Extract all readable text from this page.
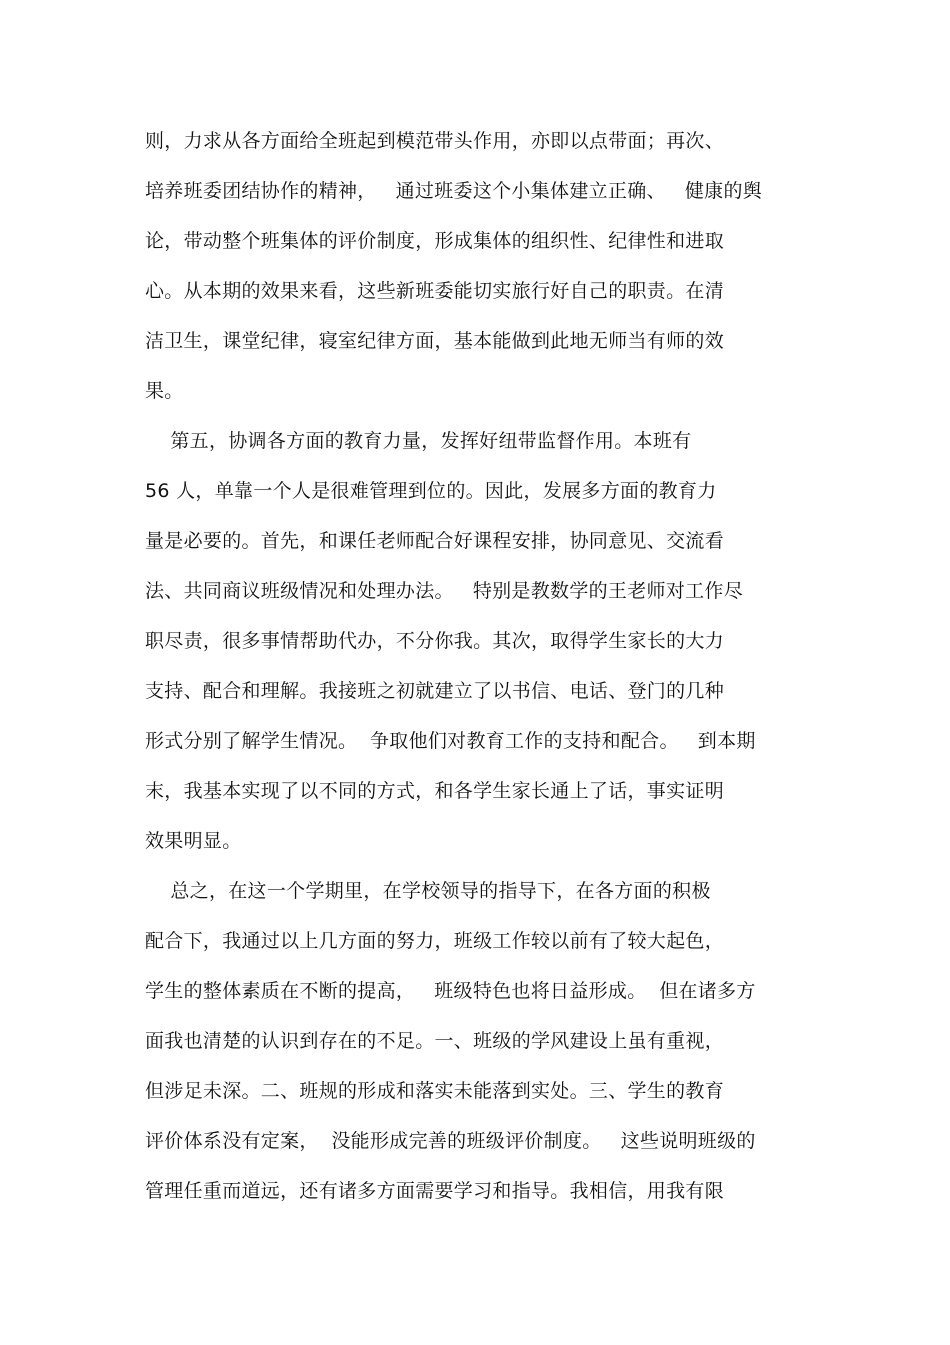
则，力求从各方面给全班起到模范带头作用，亦即以点带面；再次、
培养班委团结协作的精神，   通过班委这个小集体建立正确、   健康的舆
论，带动整个班集体的评价制度，形成集体的组织性、纪律性和进取
心。从本期的效果来看，这些新班委能切实旅行好自己的职责。在清
洁卫生，课堂纪律，寝室纪律方面，基本能做到此地无师当有师的效
果。
第五，协调各方面的教育力量，发挥好纽带监督作用。本班有
56 人，单靠一个人是很难管理到位的。因此，发展多方面的教育力
量是必要的。首先，和课任老师配合好课程安排，协同意见、交流看
法、共同商议班级情况和处理办法。   特别是教数学的王老师对工作尽
职尽责，很多事情帮助代办，不分你我。其次，取得学生家长的大力
支持、配合和理解。我接班之初就建立了以书信、电话、登门的几种
形式分别了解学生情况。  争取他们对教育工作的支持和配合。   到本期
末，我基本实现了以不同的方式，和各学生家长通上了话，事实证明
效果明显。
总之，在这一个学期里，在学校领导的指导下，在各方面的积极
配合下，我通过以上几方面的努力，班级工作较以前有了较大起色，
学生的整体素质在不断的提高，   班级特色也将日益形成。  但在诸多方
面我也清楚的认识到存在的不足。一、班级的学风建设上虽有重视，
但涉足未深。二、班规的形成和落实未能落到实处。三、学生的教育
评价体系没有定案，  没能形成完善的班级评价制度。   这些说明班级的
管理任重而道远，还有诸多方面需要学习和指导。我相信，用我有限
